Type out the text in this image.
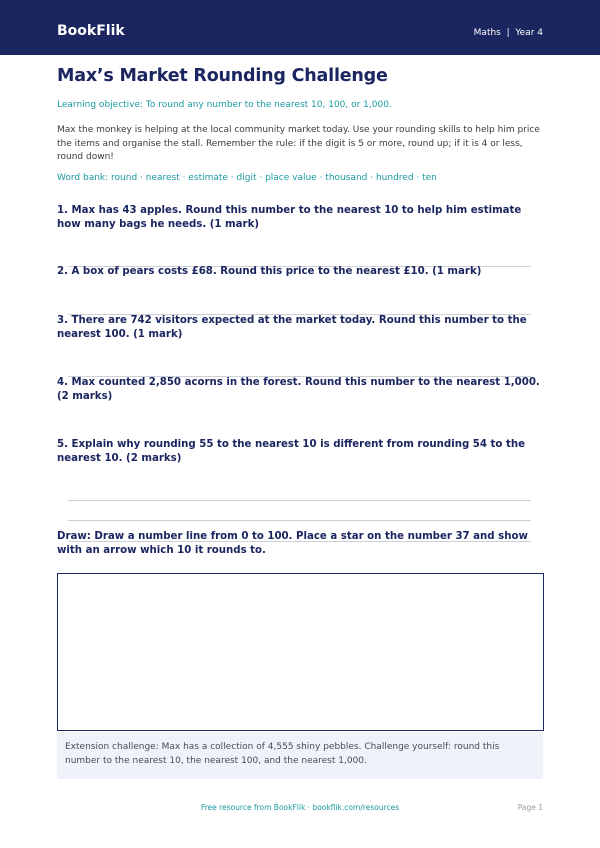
BookFlik	Maths  |  Year 4
Max’s Market Rounding Challenge
Learning objective: To round any number to the nearest 10, 100, or 1,000.
Max the monkey is helping at the local community market today. Use your rounding skills to help him price the items and organise the stall. Remember the rule: if the digit is 5 or more, round up; if it is 4 or less, round down!
Word bank: round · nearest · estimate · digit · place value · thousand · hundred · ten
1. Max has 43 apples. Round this number to the nearest 10 to help him estimate how many bags he needs. (1 mark)
2. A box of pears costs £68. Round this price to the nearest £10. (1 mark)
3. There are 742 visitors expected at the market today. Round this number to the nearest 100. (1 mark)
4. Max counted 2,850 acorns in the forest. Round this number to the nearest 1,000. (2 marks)
5. Explain why rounding 55 to the nearest 10 is different from rounding 54 to the nearest 10. (2 marks)
Draw: Draw a number line from 0 to 100. Place a star on the number 37 and show with an arrow which 10 it rounds to.
Extension challenge: Max has a collection of 4,555 shiny pebbles. Challenge yourself: round this number to the nearest 10, the nearest 100, and the nearest 1,000.
Free resource from BookFlik · bookflik.com/resources	Page 1
